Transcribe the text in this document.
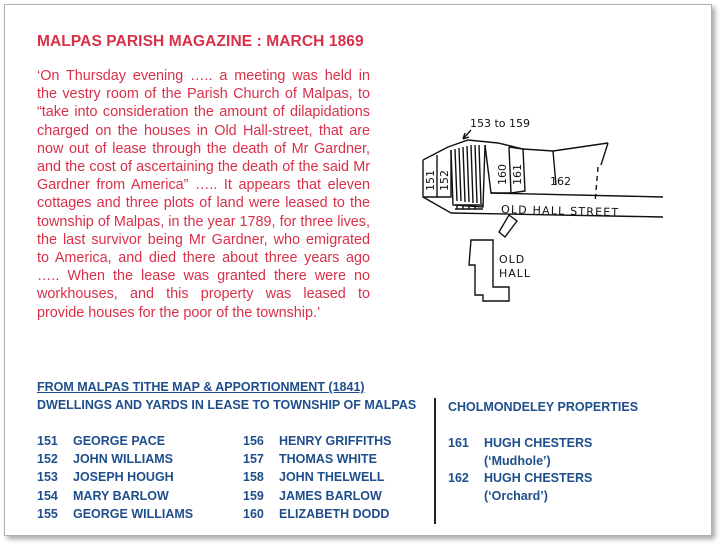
MALPAS PARISH MAGAZINE : MARCH 1869
‘On Thursday evening ….. a meeting was held in the vestry room of the Parish Church of Malpas, to “take into consideration the amount of dilapidations charged on the houses in Old Hall-street, that are now out of lease through the death of Mr Gardner, and the cost of ascertaining the death of the said Mr Gardner from America” ….. It appears that eleven cottages and three plots of land were leased to the township of Malpas, in the year 1789, for three lives, the last survivor being Mr Gardner, who emigrated to America, and died there about three years ago ….. When the lease was granted there were no workhouses, and this property was leased to provide houses for the poor of the township.’
153 to 159
151 152	160 161 162
OLD HALL STREET
OLD
HALL
FROM MALPAS TITHE MAP & APPORTIONMENT (1841)
DWELLINGS AND YARDS IN LEASE TO TOWNSHIP OF MALPAS	CHOLMONDELEY PROPERTIES
151 GEORGE PACE
152 JOHN WILLIAMS
153 JOSEPH HOUGH
154 MARY BARLOW
155 GEORGE WILLIAMS
156 HENRY GRIFFITHS
157 THOMAS WHITE
158 JOHN THELWELL
159 JAMES BARLOW
160 ELIZABETH DODD
161 HUGH CHESTERS
(‘Mudhole’)
162 HUGH CHESTERS
(‘Orchard’)
